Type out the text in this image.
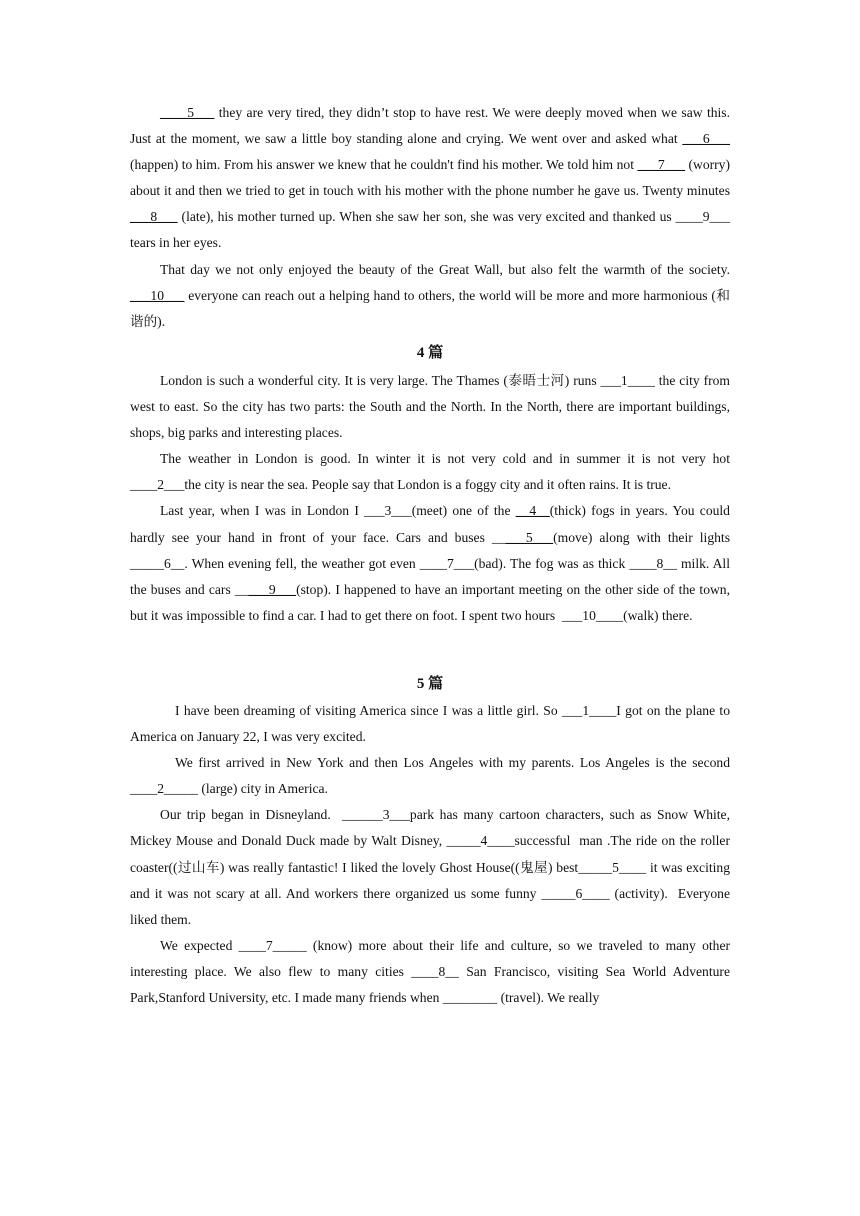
____5___ they are very tired, they didn’t stop to have rest. We were deeply moved when we saw this. Just at the moment, we saw a little boy standing alone and crying. We went over and asked what ___6___  (happen) to him. From his answer we knew that he couldn't find his mother. We told him not ___7___ (worry) about it and then we tried to get in touch with his mother with the phone number he gave us. Twenty minutes ___8___ (late), his mother turned up. When she saw her son, she was very excited and thanked us ____9___ tears in her eyes.

That day we not only enjoyed the beauty of the Great Wall, but also felt the warmth of the society. ___10___ everyone can reach out a helping hand to others, the world will be more and more harmonious (和谐的).

4 篇

London is such a wonderful city. It is very large. The Thames (泰晤士河) runs ___1____ the city from west to east. So the city has two parts: the South and the North. In the North, there are important buildings, shops, big parks and interesting places.

The weather in London is good. In winter it is not very cold and in summer it is not very hot ____2___the city is near the sea. People say that London is a foggy city and it often rains. It is true.

Last year, when I was in London I ___3___(meet) one of the __4__(thick) fogs in years. You could hardly see your hand in front of your face. Cars and buses _____5___(move) along with their lights _____6__. When evening fell, the weather got even ____7___(bad). The fog was as thick ____8__ milk. All the buses and cars _____9___(stop). I happened to have an important meeting on the other side of the town, but it was impossible to find a car. I had to get there on foot. I spent two hours  ___10____(walk) there.

5 篇

I have been dreaming of visiting America since I was a little girl. So ___1____I got on the plane to America on January 22, I was very excited.

We first arrived in New York and then Los Angeles with my parents. Los Angeles is the second ____2_____ (large) city in America.

Our trip began in Disneyland.  ______3___park has many cartoon characters, such as Snow White, Mickey Mouse and Donald Duck made by Walt Disney, _____4____successful  man .The ride on the roller coaster((过山车) was really fantastic! I liked the lovely Ghost House((鬼屋) best_____5____ it was exciting and it was not scary at all. And workers there organized us some funny _____6____ (activity).  Everyone liked them.

We expected ____7_____ (know) more about their life and culture, so we traveled to many other interesting place. We also flew to many cities ____8__ San Francisco, visiting Sea World Adventure Park,Stanford University, etc. I made many friends when ________ (travel). We really
